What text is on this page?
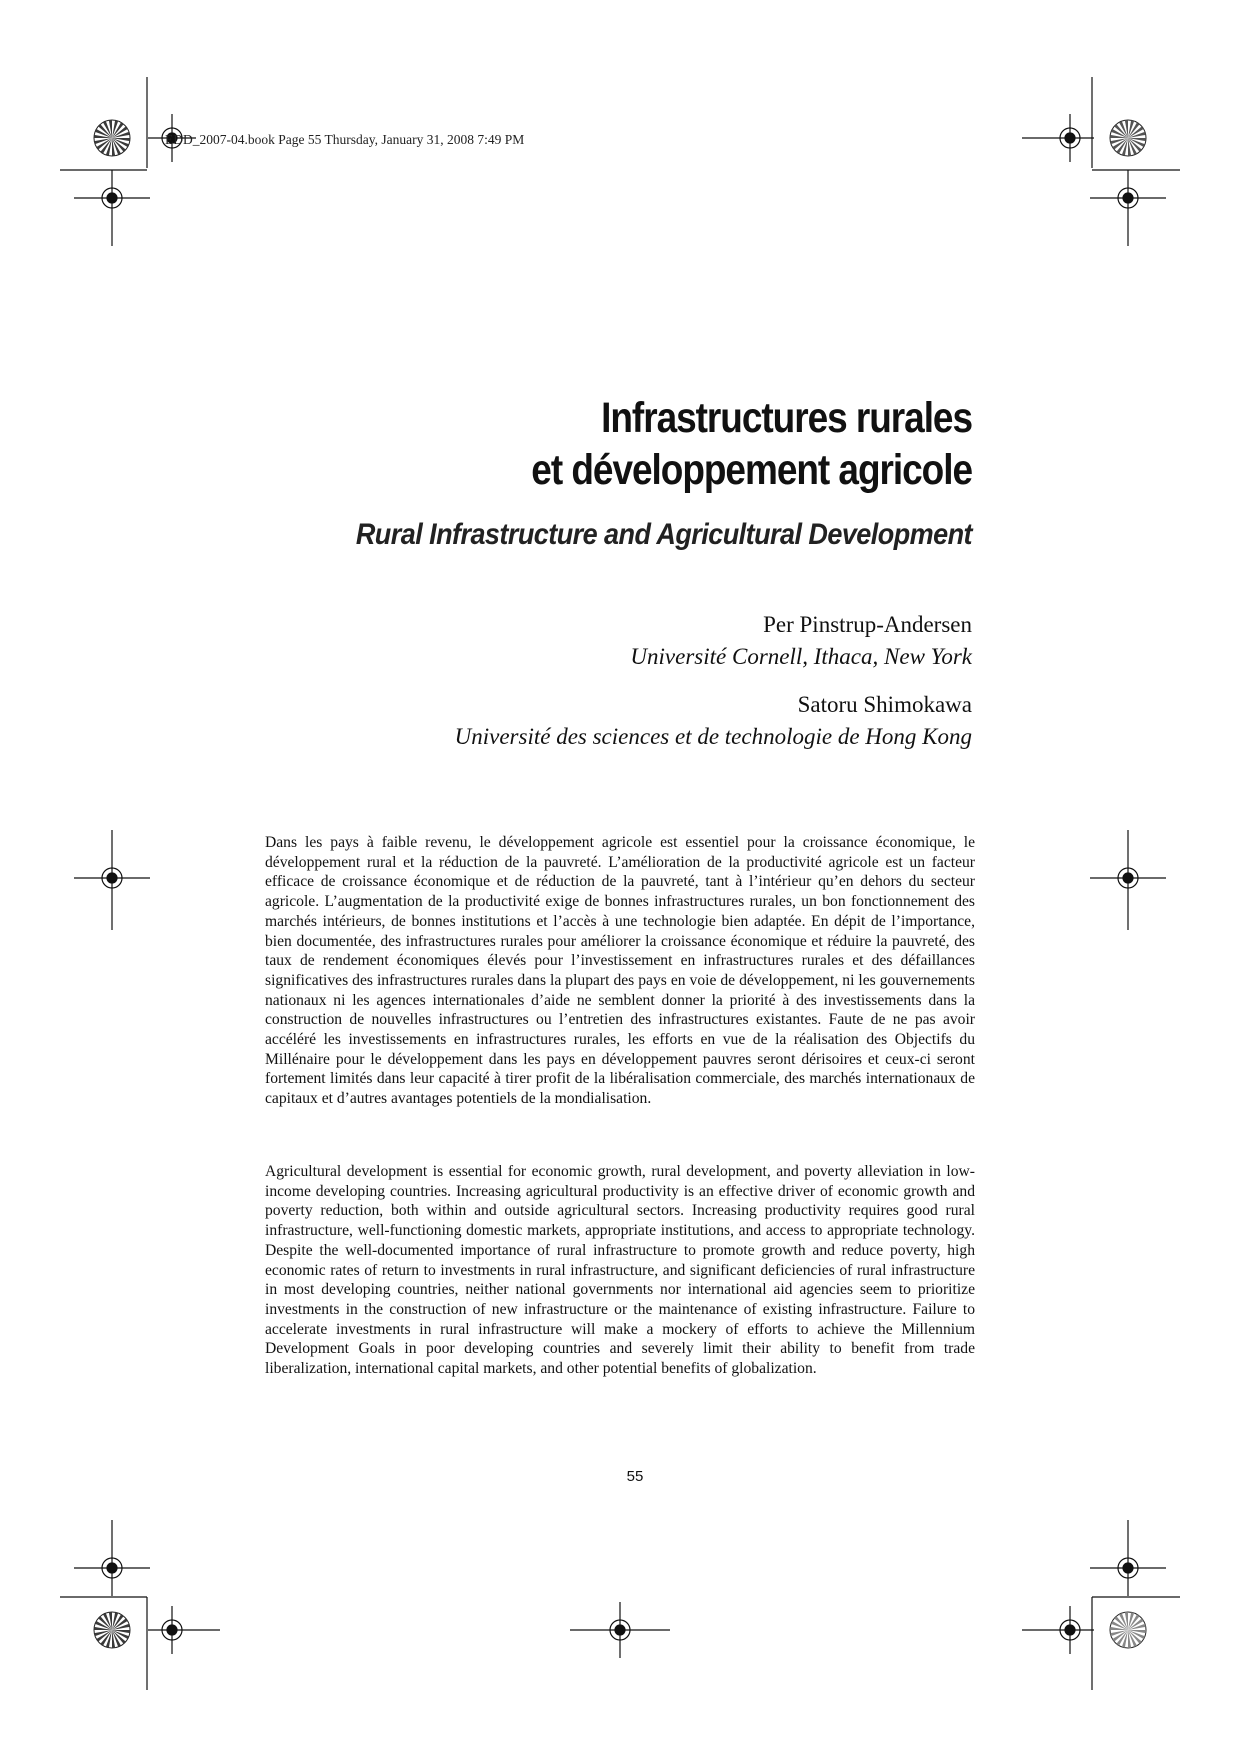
EDD_2007-04.book Page 55 Thursday, January 31, 2008 7:49 PM
Infrastructures rurales
et développement agricole
Rural Infrastructure and Agricultural Development
Per Pinstrup-Andersen
Université Cornell, Ithaca, New York
Satoru Shimokawa
Université des sciences et de technologie de Hong Kong

Dans les pays à faible revenu, le développement agricole est essentiel pour la croissance économique, le développement rural et la réduction de la pauvreté. L’amélioration de la productivité agricole est un facteur efficace de croissance économique et de réduction de la pauvreté, tant à l’intérieur qu’en dehors du secteur agricole. L’augmentation de la productivité exige de bonnes infrastructures rurales, un bon fonctionnement des marchés intérieurs, de bonnes institutions et l’accès à une technologie bien adaptée. En dépit de l’importance, bien documentée, des infrastructures rurales pour améliorer la croissance économique et réduire la pauvreté, des taux de rendement économiques élevés pour l’investissement en infrastructures rurales et des défaillances significatives des infrastructures rurales dans la plupart des pays en voie de développement, ni les gouvernements nationaux ni les agences internationales d’aide ne semblent donner la priorité à des investissements dans la construction de nouvelles infrastructures ou l’entretien des infrastructures existantes. Faute de ne pas avoir accéléré les investissements en infrastructures rurales, les efforts en vue de la réalisation des Objectifs du Millénaire pour le développement dans les pays en développement pauvres seront dérisoires et ceux-ci seront fortement limités dans leur capacité à tirer profit de la libéralisation commerciale, des marchés internationaux de capitaux et d’autres avantages potentiels de la mondialisation.

Agricultural development is essential for economic growth, rural development, and poverty alleviation in low-income developing countries. Increasing agricultural productivity is an effective driver of economic growth and poverty reduction, both within and outside agricultural sectors. Increasing productivity requires good rural infrastructure, well-functioning domestic markets, appropriate institutions, and access to appropriate technology. Despite the well-documented importance of rural infrastructure to promote growth and reduce poverty, high economic rates of return to investments in rural infrastructure, and significant deficiencies of rural infrastructure in most developing countries, neither national governments nor international aid agencies seem to prioritize investments in the construction of new infrastructure or the maintenance of existing infrastructure. Failure to accelerate investments in rural infrastructure will make a mockery of efforts to achieve the Millennium Development Goals in poor developing countries and severely limit their ability to benefit from trade liberalization, international capital markets, and other potential benefits of globalization.

55
